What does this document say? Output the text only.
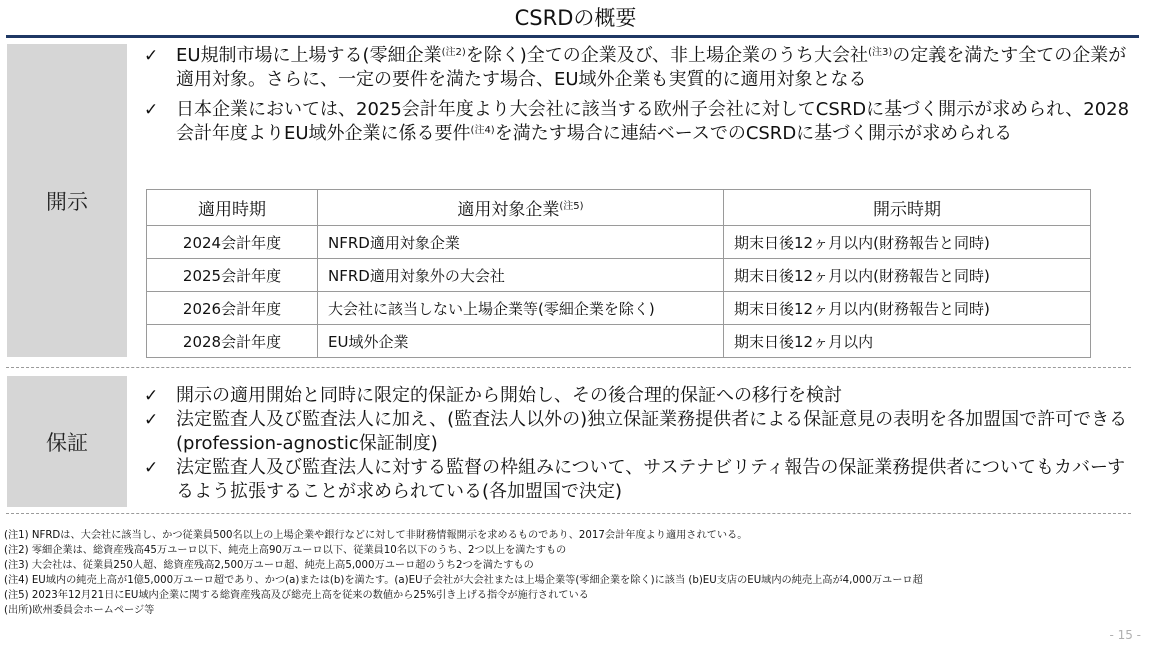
CSRDの概要
開示
✓ EU規制市場に上場する(零細企業$^{(注2)}$を除く)全ての企業及び、非上場企業のうち大会社$^{(注3)}$の定義を満たす全ての企業が適用対象。さらに、一定の要件を満たす場合、EU域外企業も実質的に適用対象となる
✓ 日本企業においては、2025会計年度より大会社に該当する欧州子会社に対してCSRDに基づく開示が求められ、2028会計年度よりEU域外企業に係る要件$^{(注4)}$を満たす場合に連結ベースでのCSRDに基づく開示が求められる
適用時期	適用対象企業$^{(注5)}$	開示時期
2024会計年度	NFRD適用対象企業	期末日後12ヶ月以内(財務報告と同時)
2025会計年度	NFRD適用対象外の大会社	期末日後12ヶ月以内(財務報告と同時)
2026会計年度	大会社に該当しない上場企業等(零細企業を除く)	期末日後12ヶ月以内(財務報告と同時)
2028会計年度	EU域外企業	期末日後12ヶ月以内
保証
✓ 開示の適用開始と同時に限定的保証から開始し、その後合理的保証への移行を検討
✓ 法定監査人及び監査法人に加え、(監査法人以外の)独立保証業務提供者による保証意見の表明を各加盟国で許可できる (profession-agnostic保証制度)
✓ 法定監査人及び監査法人に対する監督の枠組みについて、サステナビリティ報告の保証業務提供者についてもカバーするよう拡張することが求められている(各加盟国で決定)
(注1) NFRDは、大会社に該当し、かつ従業員500名以上の上場企業や銀行などに対して非財務情報開示を求めるものであり、2017会計年度より適用されている。
(注2) 零細企業は、総資産残高45万ユーロ以下、純売上高90万ユーロ以下、従業員10名以下のうち、2つ以上を満たすもの
(注3) 大会社は、従業員250人超、総資産残高2,500万ユーロ超、純売上高5,000万ユーロ超のうち2つを満たすもの
(注4) EU域内の純売上高が1億5,000万ユーロ超であり、かつ(a)または(b)を満たす。(a)EU子会社が大会社または上場企業等(零細企業を除く)に該当 (b)EU支店のEU域内の純売上高が4,000万ユーロ超
(注5) 2023年12月21日にEU域内企業に関する総資産残高及び総売上高を従来の数値から25%引き上げる指令が施行されている
(出所)欧州委員会ホームページ等
- 15 -
